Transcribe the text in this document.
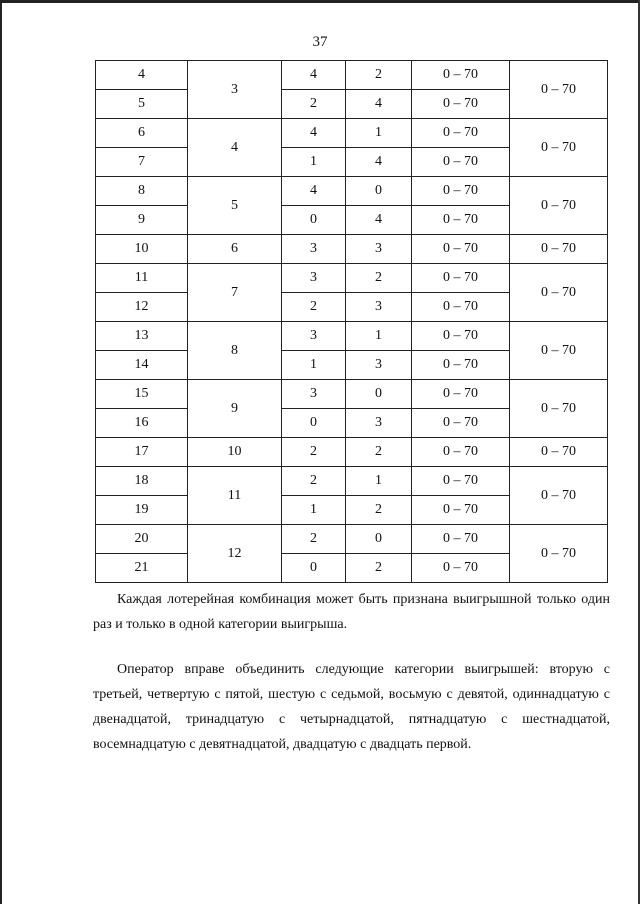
37
4	3	4	2	0 – 70	0 – 70
5		2	4	0 – 70	
6	4	4	1	0 – 70	0 – 70
7		1	4	0 – 70	
8	5	4	0	0 – 70	0 – 70
9		0	4	0 – 70	
10	6	3	3	0 – 70	0 – 70
11	7	3	2	0 – 70	0 – 70
12		2	3	0 – 70	
13	8	3	1	0 – 70	0 – 70
14		1	3	0 – 70	
15	9	3	0	0 – 70	0 – 70
16		0	3	0 – 70	
17	10	2	2	0 – 70	0 – 70
18	11	2	1	0 – 70	0 – 70
19		1	2	0 – 70	
20	12	2	0	0 – 70	0 – 70
21		0	2	0 – 70	

Каждая лотерейная комбинация может быть признана выигрышной только один раз и только в одной категории выигрыша.

Оператор вправе объединить следующие категории выигрышей: вторую с третьей, четвертую с пятой, шестую с седьмой, восьмую с девятой, одиннадцатую с двенадцатой, тринадцатую с четырнадцатой, пятнадцатую с шестнадцатой, восемнадцатую с девятнадцатой, двадцатую с двадцать первой.
